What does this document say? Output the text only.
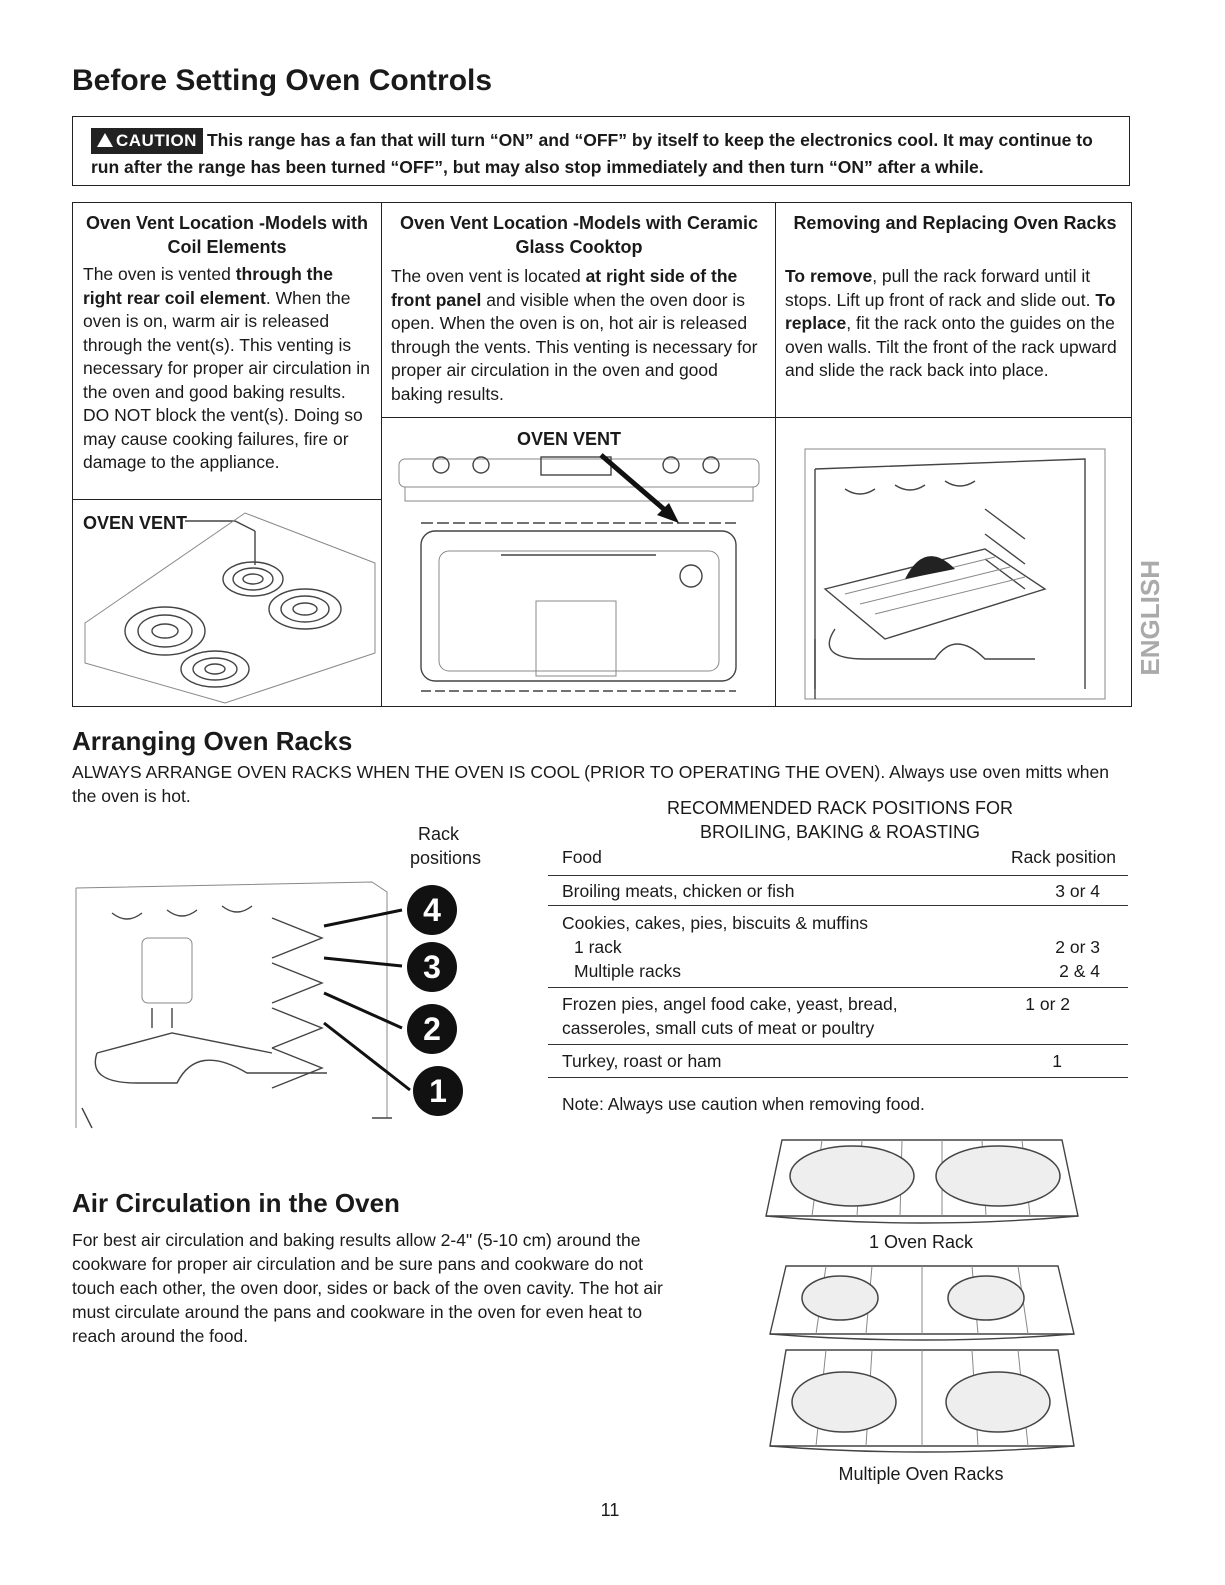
Before Setting Oven Controls
CAUTION This range has a fan that will turn “ON” and “OFF” by itself to keep the electronics cool. It may continue to run after the range has been turned “OFF”, but may also stop immediately and then turn “ON” after a while.
Oven Vent Location -Models with Coil Elements
The oven is vented through the right rear coil element. When the oven is on, warm air is released through the vent(s). This venting is necessary for proper air circulation in the oven and good baking results. DO NOT block the vent(s). Doing so may cause cooking failures, fire or damage to the appliance.
OVEN VENT
Oven Vent Location -Models with Ceramic Glass Cooktop
The oven vent is located at right side of the front panel and visible when the oven door is open. When the oven is on, hot air is released through the vents. This venting is necessary for proper air circulation in the oven and good baking results.
OVEN VENT
Removing and Replacing Oven Racks
To remove, pull the rack forward until it stops. Lift up front of rack and slide out. To replace, fit the rack onto the guides on the oven walls. Tilt the front of the rack upward and slide the rack back into place.
ENGLISH
Arranging Oven Racks
ALWAYS ARRANGE OVEN RACKS WHEN THE OVEN IS COOL (PRIOR TO OPERATING THE OVEN). Always use oven mitts when the oven is hot.
Rack
positions
4
3
2
1
RECOMMENDED RACK POSITIONS FOR
BROILING, BAKING & ROASTING
Food	Rack position
Broiling meats, chicken or fish	3 or 4
Cookies, cakes, pies, biscuits & muffins
1 rack	2 or 3
Multiple racks	2 & 4
Frozen pies, angel food cake, yeast, bread,	1 or 2
casseroles, small cuts of meat or poultry
Turkey, roast or ham	1
Note: Always use caution when removing food.
Air Circulation in the Oven
For best air circulation and baking results allow 2-4" (5-10 cm) around the cookware for proper air circulation and be sure pans and cookware do not touch each other, the oven door, sides or back of the oven cavity. The hot air must circulate around the pans and cookware in the oven for even heat to reach around the food.
1 Oven Rack
Multiple Oven Racks
11
